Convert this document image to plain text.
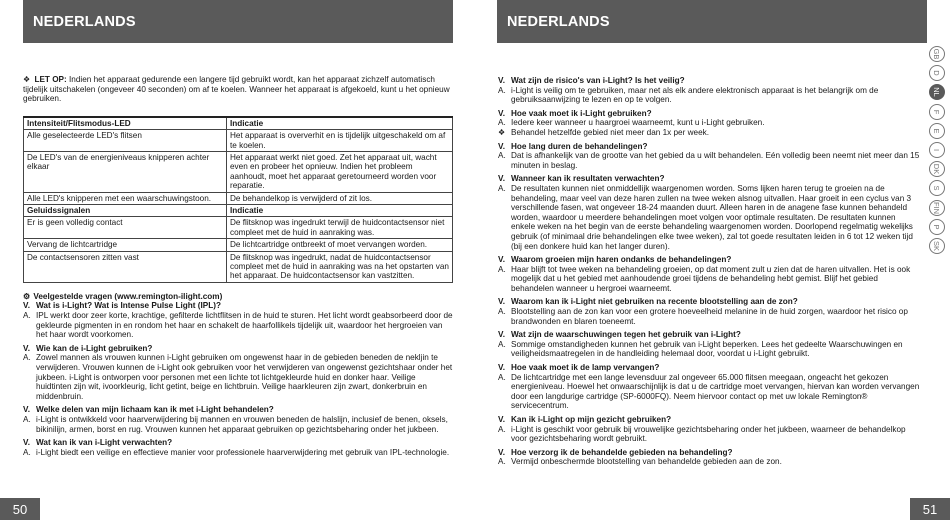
NEDERLANDS
❖ LET OP: Indien het apparaat gedurende een langere tijd gebruikt wordt, kan het apparaat zichzelf automatisch tijdelijk uitschakelen (ongeveer 40 seconden) om af te koelen. Wanneer het apparaat is afgekoeld, kunt u het opnieuw gebruiken.
Intensiteit/Flitsmodus-LED	Indicatie
Alle geselecteerde LED's flitsen	Het apparaat is oververhit en is tijdelijk uitgeschakeld om af te koelen.
De LED's van de energieniveaus knipperen achter elkaar	Het apparaat werkt niet goed. Zet het apparaat uit, wacht even en probeer het opnieuw. Indien het probleem aanhoudt, moet het apparaat geretourneerd worden voor reparatie.
Alle LED's knipperen met een waarschuwingstoon.	De behandelkop is verwijderd of zit los.
Geluidssignalen	Indicatie
Er is geen volledig contact	De flitsknop was ingedrukt terwijl de huidcontactsensor niet compleet met de huid in aanraking was.
Vervang de lichtcartridge	De lichtcartridge ontbreekt of moet vervangen worden.
De contactsensoren zitten vast	De flitsknop was ingedrukt, nadat de huidcontactsensor compleet met de huid in aanraking was na het opstarten van het apparaat. De huidcontactsensor kan vastzitten.
⚙ Veelgestelde vragen (www.remington-ilight.com)
V. Wat is i-Light? Wat is Intense Pulse Light (IPL)?
A. IPL werkt door zeer korte, krachtige, gefilterde lichtflitsen in de huid te sturen. Het licht wordt geabsorbeerd door de gekleurde pigmenten in en rondom het haar en schakelt de haarfollikels tijdelijk uit, waardoor het hergroeien van het haar wordt voorkomen.
V. Wie kan de i-Light gebruiken?
A. Zowel mannen als vrouwen kunnen i-Light gebruiken om ongewenst haar in de gebieden beneden de nekljin te verwijderen. Vrouwen kunnen de i-Light ook gebruiken voor het verwijderen van ongewenst gezichtshaar onder het jukbeen. i-Light is ontworpen voor personen met een lichte tot lichtgekleurde huid en donker haar. Veilige huidtinten zijn wit, ivoorkleurig, licht getint, beige en lichtbruin. Veilige haarkleuren zijn zwart, donkerbruin en middenbruin.
V. Welke delen van mijn lichaam kan ik met i-Light behandelen?
A. i-Light is ontwikkeld voor haarverwijdering bij mannen en vrouwen beneden de halslijn, inclusief de benen, oksels, bikinilijn, armen, borst en rug. Vrouwen kunnen het apparaat gebruiken op gezichtsbeharing onder het jukbeen.
V. Wat kan ik van i-Light verwachten?
A. i-Light biedt een veilige en effectieve manier voor professionele haarverwijdering met gebruik van IPL-technologie.
50
NEDERLANDS
V. Wat zijn de risico's van i-Light? Is het veilig?
A. i-Light is veilig om te gebruiken, maar net als elk andere elektronisch apparaat is het belangrijk om de gebruiksaanwijzing te lezen en op te volgen.
V. Hoe vaak moet ik i-Light gebruiken?
A. Iedere keer wanneer u haargroei waarneemt, kunt u i-Light gebruiken.
❖ Behandel hetzelfde gebied niet meer dan 1x per week.
V. Hoe lang duren de behandelingen?
A. Dat is afhankelijk van de grootte van het gebied da u wilt behandelen. Eén volledig been neemt niet meer dan 15 minuten in beslag.
V. Wanneer kan ik resultaten verwachten?
A. De resultaten kunnen niet onmiddellijk waargenomen worden. Soms lijken haren terug te groeien na de behandeling, maar veel van deze haren zullen na twee weken alsnog uitvallen. Haar groeit in een cyclus van 3 verschillende fasen, wat ongeveer 18-24 maanden duurt. Alleen haren in de anagene fase kunnen behandeld worden, waardoor u meerdere behandelingen moet volgen voor optimale resultaten. De resultaten kunnen enkele weken na het begin van de eerste behandeling waargenomen worden. Doorlopend regelmatig wekelijks gebruik (of minimaal drie behandelingen elke twee weken), zal tot goede resultaten leiden in 6 tot 12 weken tijd (bij een donkere huid kan het langer duren).
V. Waarom groeien mijn haren ondanks de behandelingen?
A. Haar blijft tot twee weken na behandeling groeien, op dat moment zult u zien dat de haren uitvallen. Het is ook mogelijk dat u het gebied met aanhoudende groei tijdens de behandeling hebt gemist. Blijf het gebied behandelen wanneer u hergroei waarneemt.
V. Waarom kan ik i-Light niet gebruiken na recente blootstelling aan de zon?
A. Blootstelling aan de zon kan voor een grotere hoeveelheid melanine in de huid zorgen, waardoor het risico op brandwonden en blaren toeneemt.
V. Wat zijn de waarschuwingen tegen het gebruik van i-Light?
A. Sommige omstandigheden kunnen het gebruik van i-Light beperken. Lees het gedeelte Waarschuwingen en veiligheidsmaatregelen in de handleiding helemaal door, voordat u i-Light gebruikt.
V. Hoe vaak moet ik de lamp vervangen?
A. De lichtcartridge met een lange levensduur zal ongeveer 65.000 flitsen meegaan, ongeacht het gekozen energieniveau. Hoewel het onwaarschijnlijk is dat u de cartridge moet vervangen, hiervan kan worden vervangen door een langdurige cartridge (SP-6000FQ). Neem hiervoor contact op met uw lokale Remington® servicecentrum.
V. Kan ik i-Light op mijn gezicht gebruiken?
A. i-Light is geschikt voor gebruik bij vrouwelijke gezichtsbeharing onder het jukbeen, waarneer de behandelkop voor gezichtsbeharing wordt gebruikt.
V. Hoe verzorg ik de behandelde gebieden na behandeling?
A. Vermijd onbeschermde blootstelling van behandelde gebieden aan de zon.
GB
D
NL
F
E
I
DK
S
FIN
P
SK
51
